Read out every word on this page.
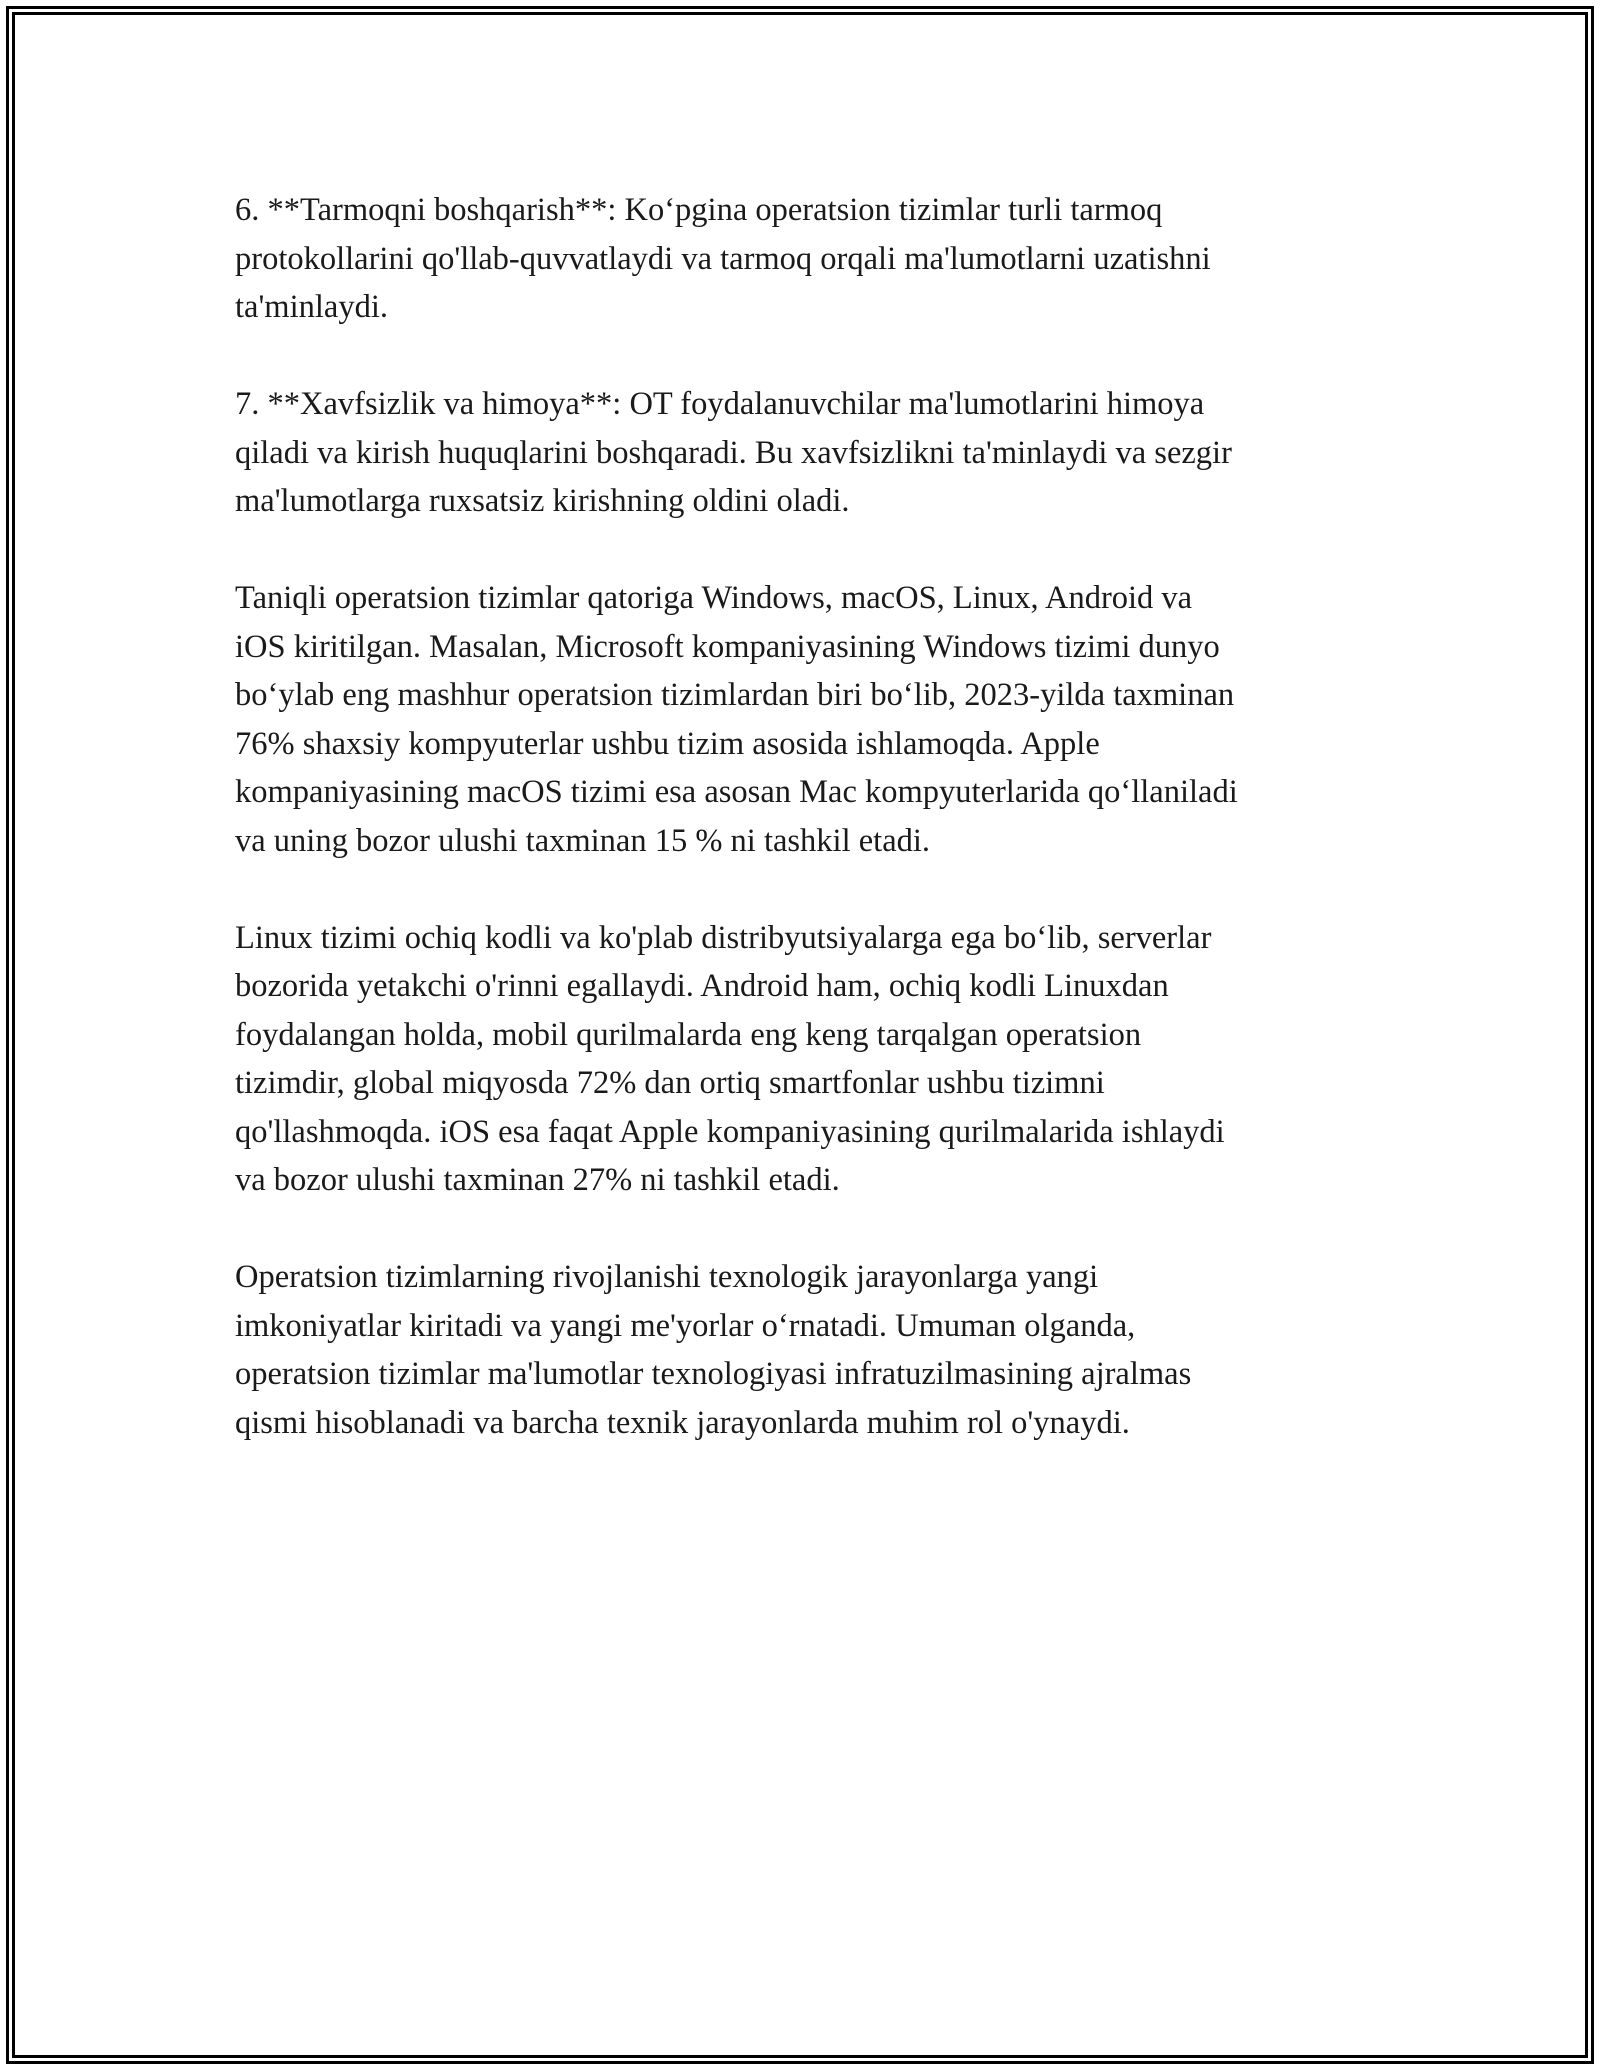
6. **Tarmoqni boshqarish**: Ko‘pgina operatsion tizimlar turli tarmoq
protokollarini qo'llab-quvvatlaydi va tarmoq orqali ma'lumotlarni uzatishni
ta'minlaydi.

7. **Xavfsizlik va himoya**: OT foydalanuvchilar ma'lumotlarini himoya
qiladi va kirish huquqlarini boshqaradi. Bu xavfsizlikni ta'minlaydi va sezgir
ma'lumotlarga ruxsatsiz kirishning oldini oladi.

Taniqli operatsion tizimlar qatoriga Windows, macOS, Linux, Android va
iOS kiritilgan. Masalan, Microsoft kompaniyasining Windows tizimi dunyo
bo‘ylab eng mashhur operatsion tizimlardan biri bo‘lib, 2023-yilda taxminan
76% shaxsiy kompyuterlar ushbu tizim asosida ishlamoqda. Apple
kompaniyasining macOS tizimi esa asosan Mac kompyuterlarida qo‘llaniladi
va uning bozor ulushi taxminan 15 % ni tashkil etadi.

Linux tizimi ochiq kodli va ko'plab distribyutsiyalarga ega bo‘lib, serverlar
bozorida yetakchi o'rinni egallaydi. Android ham, ochiq kodli Linuxdan
foydalangan holda, mobil qurilmalarda eng keng tarqalgan operatsion
tizimdir, global miqyosda 72% dan ortiq smartfonlar ushbu tizimni
qo'llashmoqda. iOS esa faqat Apple kompaniyasining qurilmalarida ishlaydi
va bozor ulushi taxminan 27% ni tashkil etadi.

Operatsion tizimlarning rivojlanishi texnologik jarayonlarga yangi
imkoniyatlar kiritadi va yangi me'yorlar o‘rnatadi. Umuman olganda,
operatsion tizimlar ma'lumotlar texnologiyasi infratuzilmasining ajralmas
qismi hisoblanadi va barcha texnik jarayonlarda muhim rol o'ynaydi.
